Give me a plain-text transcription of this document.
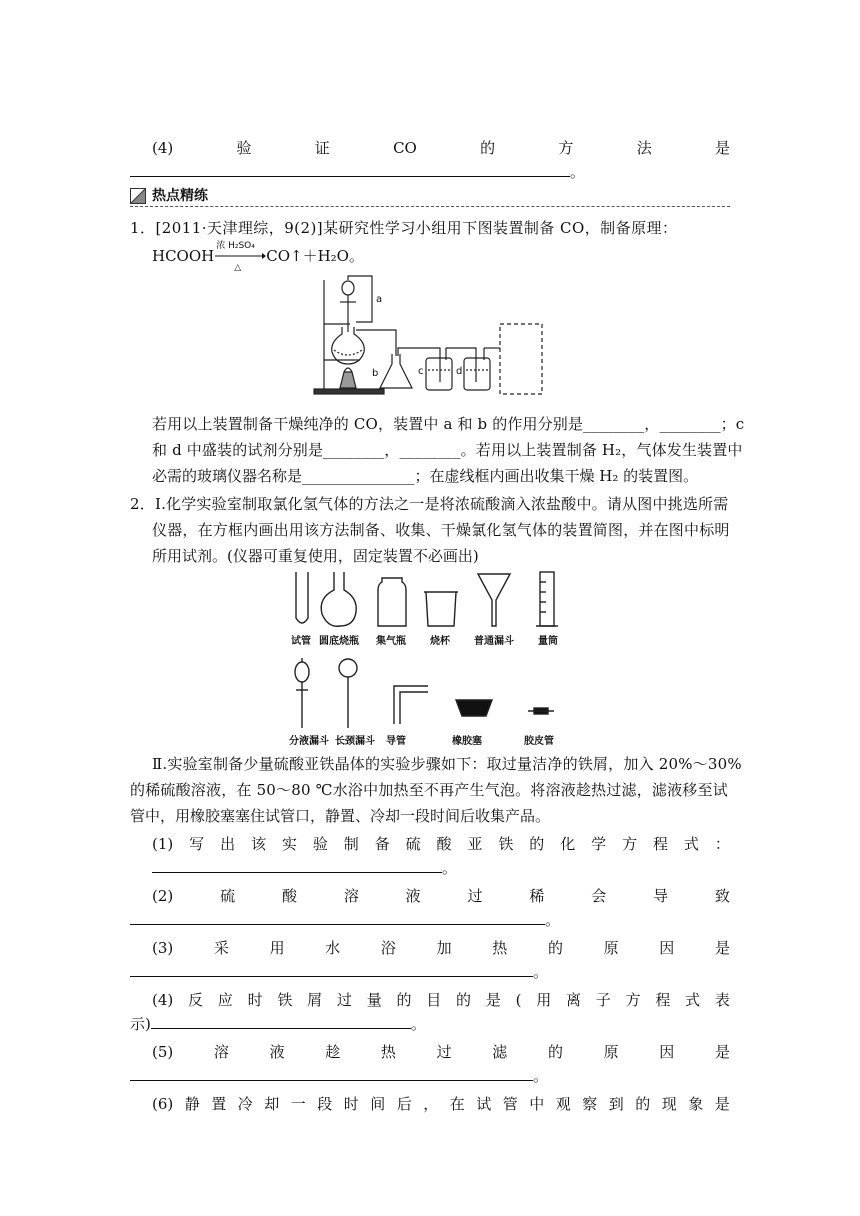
(4)	验	证	CO	的	方	法	是
。
热点精练
1．[2011·天津理综，9(2)]某研究性学习小组用下图装置制备 CO，制备原理：
HCOOH
浓 H₂SO₄
△
CO↑＋H₂O。
a
b	c	d
若用以上装置制备干燥纯净的 CO，装置中 a 和 b 的作用分别是________，________；c
和 d 中盛装的试剂分别是________，________。若用以上装置制备 H₂，气体发生装置中
必需的玻璃仪器名称是_______________；在虚线框内画出收集干燥 H₂ 的装置图。
2．Ⅰ.化学实验室制取氯化氢气体的方法之一是将浓硫酸滴入浓盐酸中。请从图中挑选所需
仪器，在方框内画出用该方法制备、收集、干燥氯化氢气体的装置简图，并在图中标明
所用试剂。(仪器可重复使用，固定装置不必画出)
试管 圆底烧瓶 集气瓶 烧杯 普通漏斗 量筒
分液漏斗 长颈漏斗 导管	橡胶塞	胶皮管
Ⅱ.实验室制备少量硫酸亚铁晶体的实验步骤如下：取过量洁净的铁屑，加入 20%～30%
的稀硫酸溶液，在 50～80 ℃水浴中加热至不再产生气泡。将溶液趁热过滤，滤液移至试
管中，用橡胶塞塞住试管口，静置、冷却一段时间后收集产品。
(1) 写 出 该 实 验 制 备 硫 酸 亚 铁 的 化 学 方 程 式 ：
。
(2)	硫	酸	溶	液	过	稀	会	导	致
。
(3)	采	用	水	浴	加	热	的	原	因	是
。
(4) 反 应 时 铁 屑 过 量 的 目 的 是 ( 用 离 子 方 程 式 表
示)	。
(5)	溶	液	趁	热	过	滤	的	原	因	是
。
(6) 静 置 冷 却 一 段 时 间 后 ， 在 试 管 中 观 察 到 的 现 象 是
